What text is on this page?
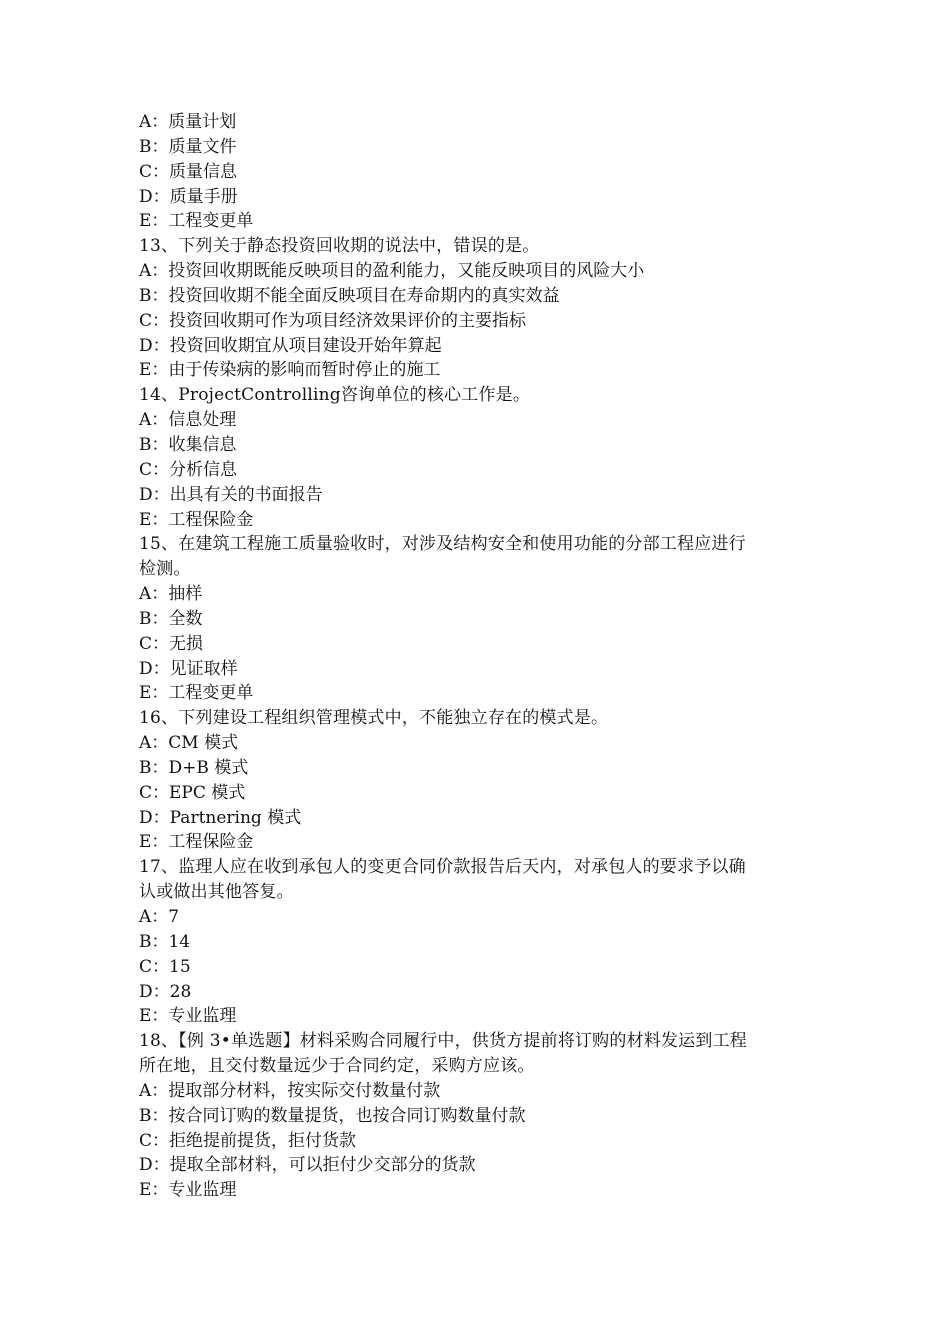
A：质量计划
B：质量文件
C：质量信息
D：质量手册
E：工程变更单
13、下列关于静态投资回收期的说法中，错误的是。
A：投资回收期既能反映项目的盈利能力，又能反映项目的风险大小
B：投资回收期不能全面反映项目在寿命期内的真实效益
C：投资回收期可作为项目经济效果评价的主要指标
D：投资回收期宜从项目建设开始年算起
E：由于传染病的影响而暂时停止的施工
14、ProjectControlling咨询单位的核心工作是。
A：信息处理
B：收集信息
C：分析信息
D：出具有关的书面报告
E：工程保险金
15、在建筑工程施工质量验收时，对涉及结构安全和使用功能的分部工程应进行
检测。
A：抽样
B：全数
C：无损
D：见证取样
E：工程变更单
16、下列建设工程组织管理模式中，不能独立存在的模式是。
A：CM 模式
B：D+B 模式
C：EPC 模式
D：Partnering 模式
E：工程保险金
17、监理人应在收到承包人的变更合同价款报告后天内，对承包人的要求予以确
认或做出其他答复。
A：7
B：14
C：15
D：28
E：专业监理
18、【例 3•单选题】材料采购合同履行中，供货方提前将订购的材料发运到工程
所在地，且交付数量远少于合同约定，采购方应该。
A：提取部分材料，按实际交付数量付款
B：按合同订购的数量提货，也按合同订购数量付款
C：拒绝提前提货，拒付货款
D：提取全部材料，可以拒付少交部分的货款
E：专业监理
